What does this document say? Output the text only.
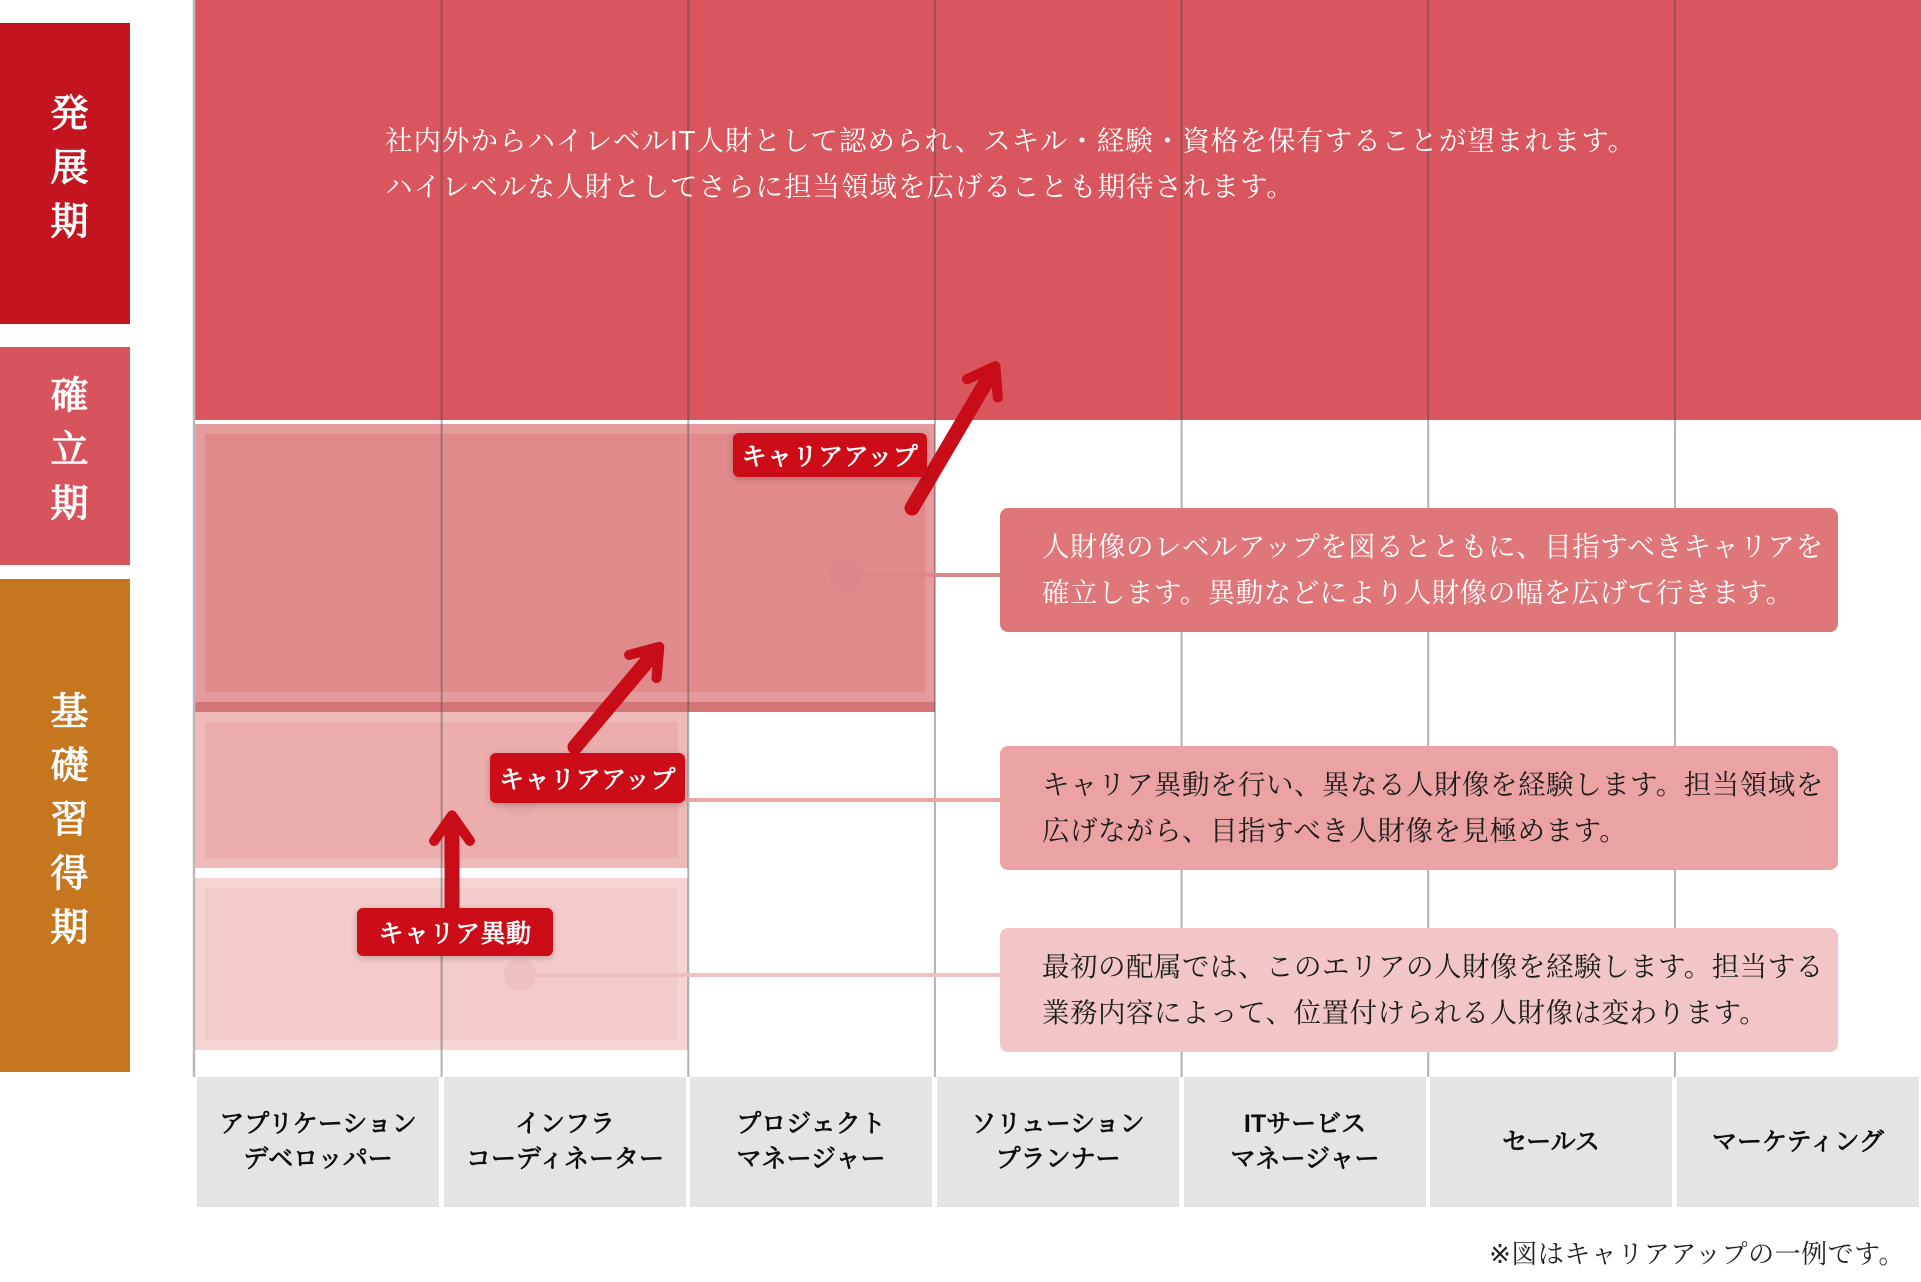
発展期
確立期
基礎習得期
社内外からハイレベルIT人財として認められ、スキル・経験・資格を保有することが望まれます。
ハイレベルな人財としてさらに担当領域を広げることも期待されます。
人財像のレベルアップを図るとともに、目指すべきキャリアを
確立します。異動などにより人財像の幅を広げて行きます。
キャリア異動を行い、異なる人財像を経験します。担当領域を
広げながら、目指すべき人財像を見極めます。
最初の配属では、このエリアの人財像を経験します。担当する
業務内容によって、位置付けられる人財像は変わります。
キャリアアップ
キャリアアップ
キャリア異動
アプリケーション
デベロッパー
インフラ
コーディネーター
プロジェクト
マネージャー
ソリューション
プランナー
ITサービス
マネージャー
セールス	マーケティング
※図はキャリアアップの一例です。
